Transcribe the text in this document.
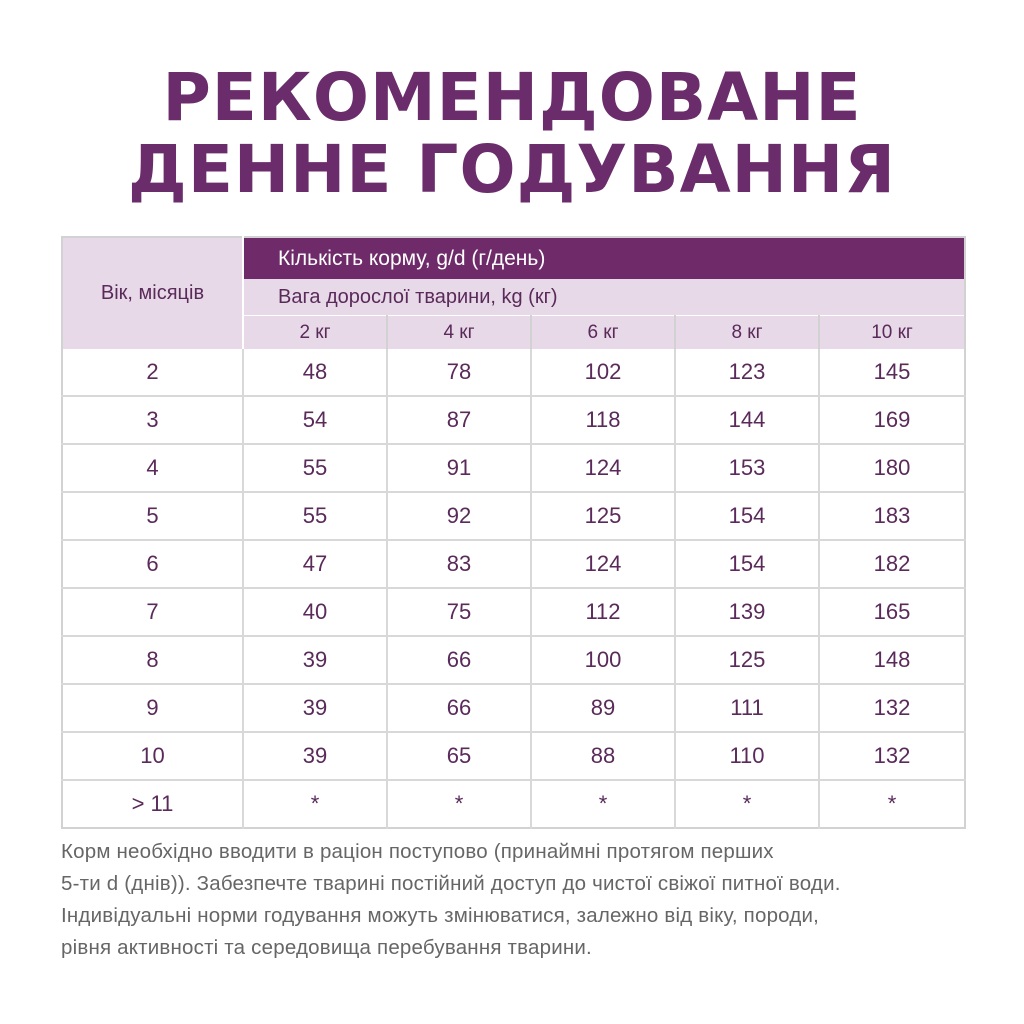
РЕКОМЕНДОВАНЕ
ДЕННЕ ГОДУВАННЯ
Вік, місяців	Кількість корму, g/d (г/день)				
	Вага дорослої тварини, kg (кг)				
	2 кг	4 кг	6 кг	8 кг	10 кг
2	48	78	102	123	145
3	54	87	118	144	169
4	55	91	124	153	180
5	55	92	125	154	183
6	47	83	124	154	182
7	40	75	112	139	165
8	39	66	100	125	148
9	39	66	89	111	132
10	39	65	88	110	132
> 11	*	*	*	*	*
Корм необхідно вводити в раціон поступово (принаймні протягом перших
5-ти d (днів)). Забезпечте тварині постійний доступ до чистої свіжої питної води.
Індивідуальні норми годування можуть змінюватися, залежно від віку, породи,
рівня активності та середовища перебування тварини.
